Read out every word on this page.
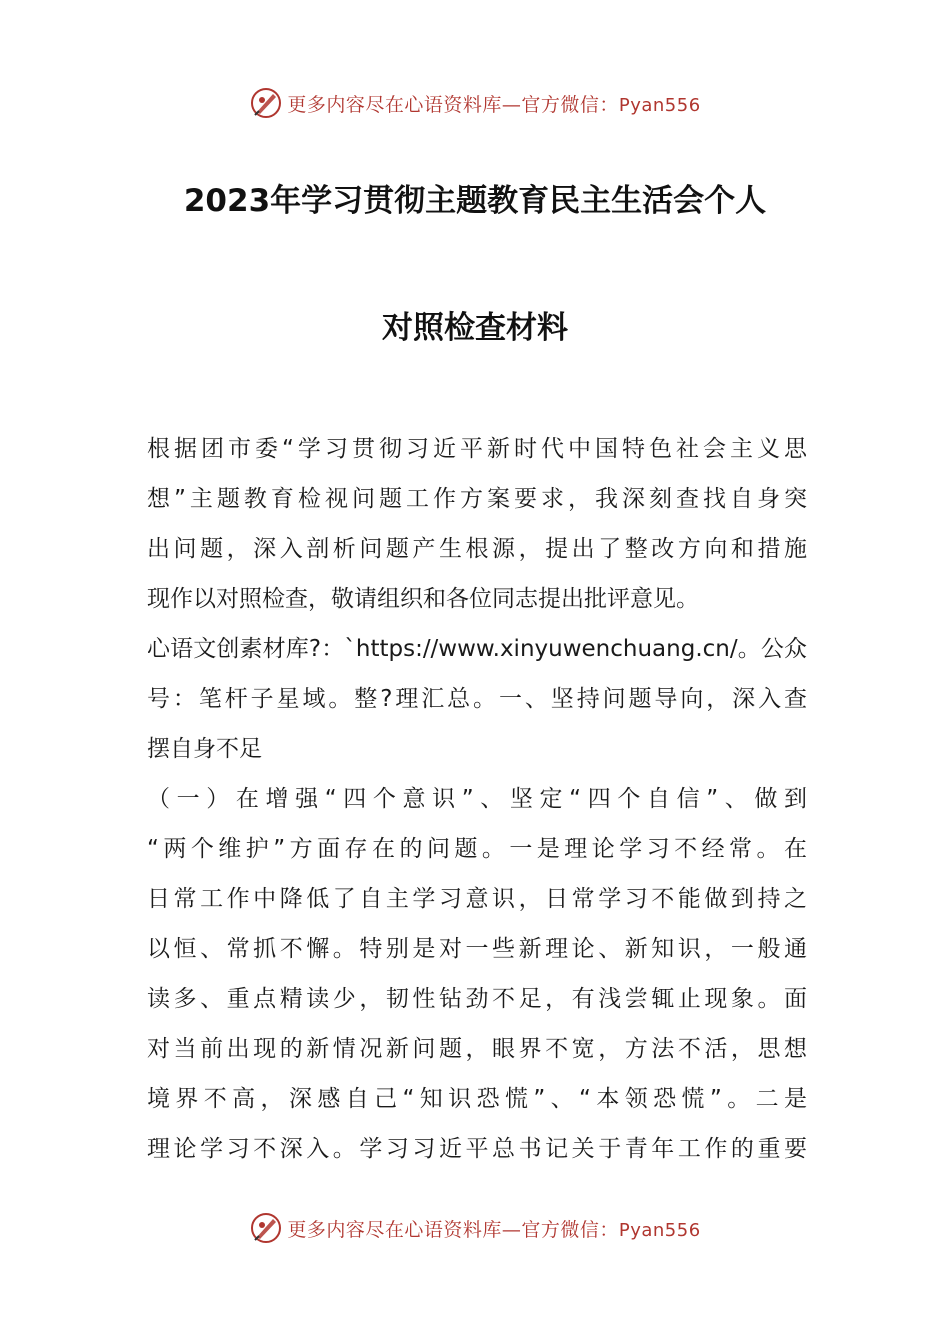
更多内容尽在心语资料库—官方微信：Pyan556
2023年学习贯彻主题教育民主生活会个人
对照检查材料
根据团市委“学习贯彻习近平新时代中国特色社会主义思
想”主题教育检视问题工作方案要求，我深刻查找自身突
出问题，深入剖析问题产生根源，提出了整改方向和措施
现作以对照检查，敬请组织和各位同志提出批评意见。
心语文创素材库?：`https://www.xinyuwenchuang.cn/。公众
号：笔杆子星域。整?理汇总。一、坚持问题导向，深入查
摆自身不足
（一）在增强“四个意识”、坚定“四个自信”、做到
“两个维护”方面存在的问题。一是理论学习不经常。在
日常工作中降低了自主学习意识，日常学习不能做到持之
以恒、常抓不懈。特别是对一些新理论、新知识，一般通
读多、重点精读少，韧性钻劲不足，有浅尝辄止现象。面
对当前出现的新情况新问题，眼界不宽，方法不活，思想
境界不高，深感自己“知识恐慌”、“本领恐慌”。二是
理论学习不深入。学习习近平总书记关于青年工作的重要
更多内容尽在心语资料库—官方微信：Pyan556
